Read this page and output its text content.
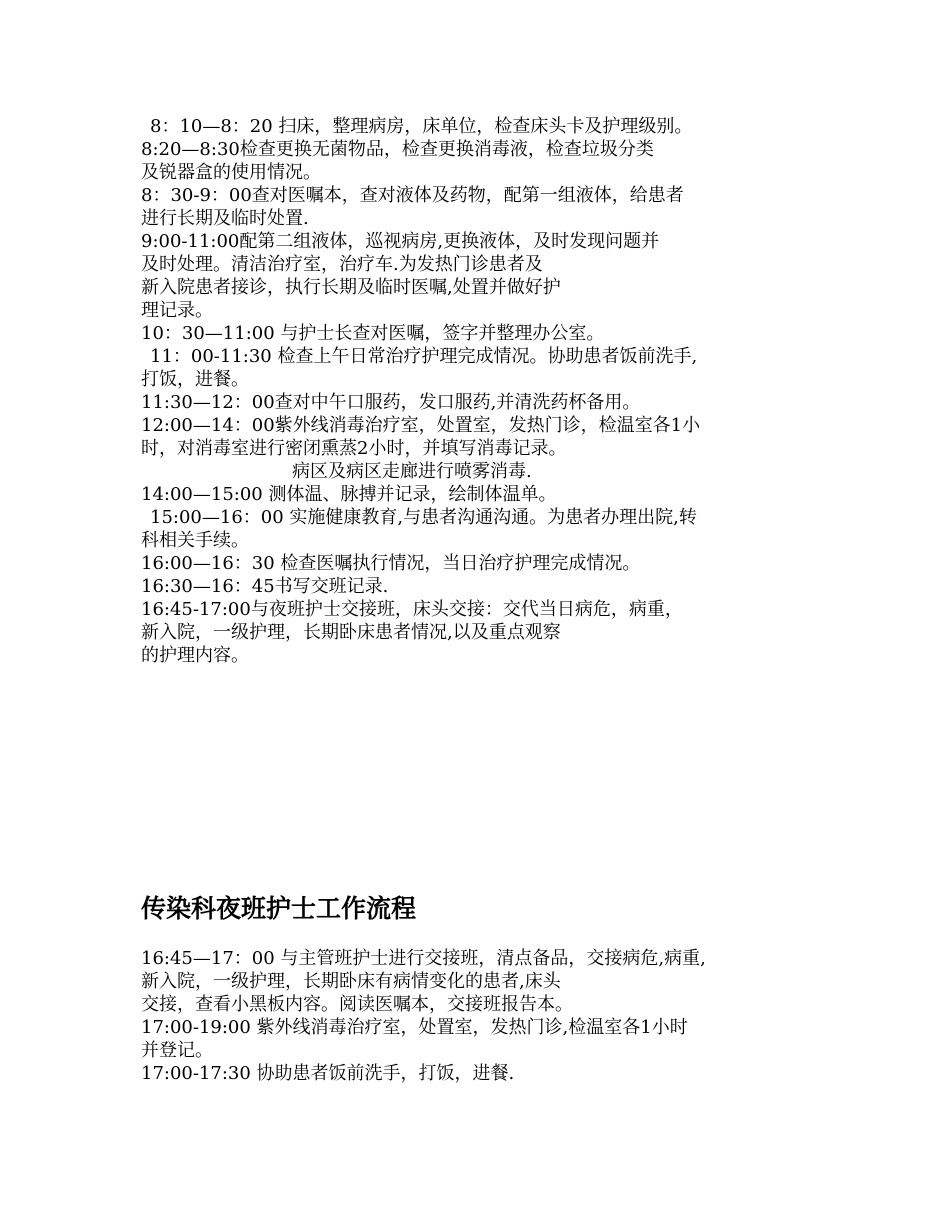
8：10—8：20 扫床，整理病房，床单位，检查床头卡及护理级别。
8:20—8:30检查更换无菌物品，检查更换消毒液，检查垃圾分类
及锐器盒的使用情况。
8：30-9：00查对医嘱本，查对液体及药物，配第一组液体，给患者
进行长期及临时处置.
9:00-11:00配第二组液体，巡视病房,更换液体，及时发现问题并
及时处理。清洁治疗室，治疗车.为发热门诊患者及
新入院患者接诊，执行长期及临时医嘱,处置并做好护
理记录。
10：30—11:00 与护士长查对医嘱，签字并整理办公室。
11：00-11:30 检查上午日常治疗护理完成情况。协助患者饭前洗手,
打饭，进餐。
11:30—12：00查对中午口服药，发口服药,并清洗药杯备用。
12:00—14：00紫外线消毒治疗室，处置室，发热门诊，检温室各1小
时，对消毒室进行密闭熏蒸2小时，并填写消毒记录。
病区及病区走廊进行喷雾消毒.
14:00—15:00 测体温、脉搏并记录，绘制体温单。
15:00—16：00 实施健康教育,与患者沟通沟通。为患者办理出院,转
科相关手续。
16:00—16：30 检查医嘱执行情况，当日治疗护理完成情况。
16:30—16：45书写交班记录.
16:45-17:00与夜班护士交接班，床头交接：交代当日病危，病重，
新入院，一级护理，长期卧床患者情况,以及重点观察
的护理内容。
传染科夜班护士工作流程
16:45—17：00 与主管班护士进行交接班，清点备品，交接病危,病重,
新入院，一级护理，长期卧床有病情变化的患者,床头
交接，查看小黑板内容。阅读医嘱本，交接班报告本。
17:00-19:00 紫外线消毒治疗室，处置室，发热门诊,检温室各1小时
并登记。
17:00-17:30 协助患者饭前洗手，打饭，进餐.
